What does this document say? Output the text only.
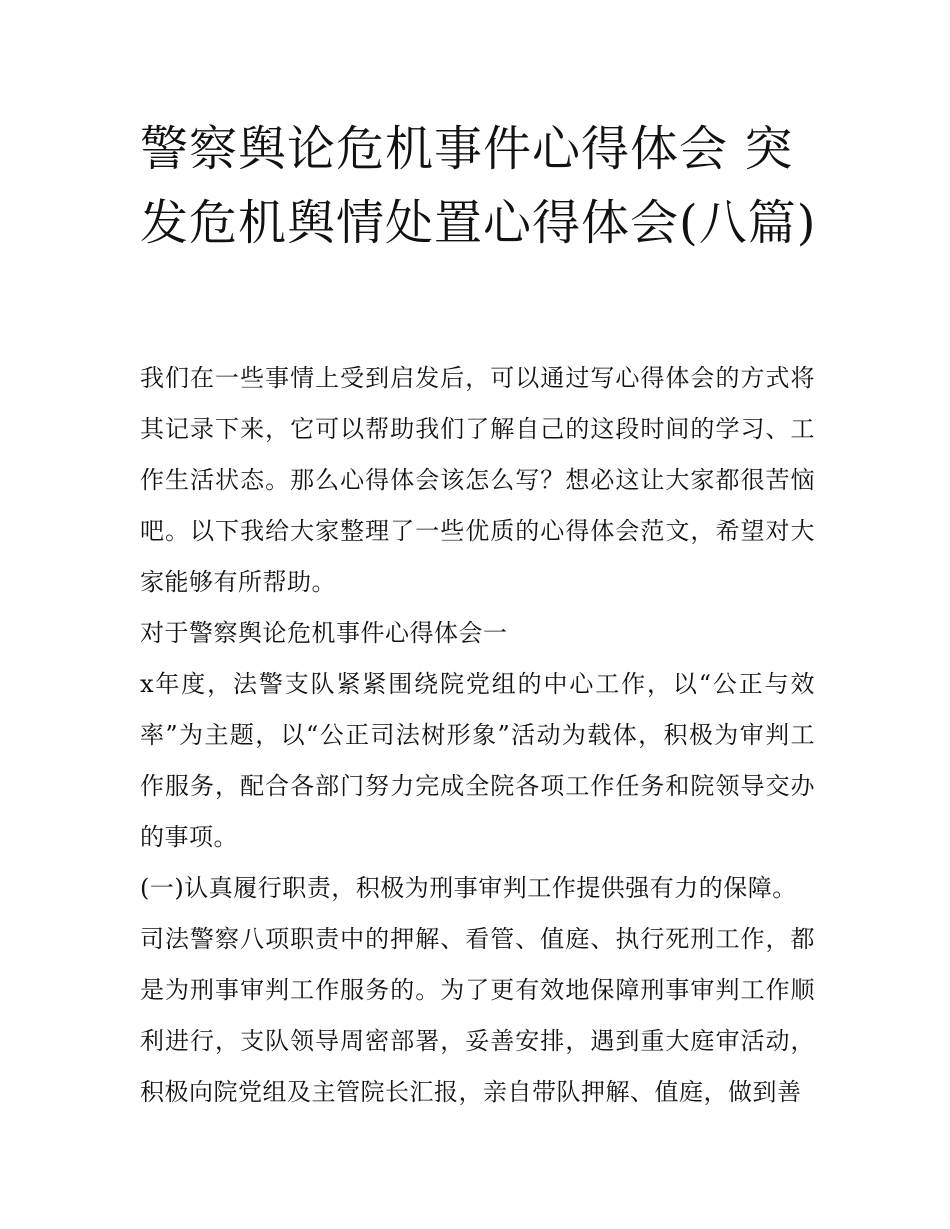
警察舆论危机事件心得体会 突发危机舆情处置心得体会(八篇)

我们在一些事情上受到启发后，可以通过写心得体会的方式将其记录下来，它可以帮助我们了解自己的这段时间的学习、工作生活状态。那么心得体会该怎么写？想必这让大家都很苦恼吧。以下我给大家整理了一些优质的心得体会范文，希望对大家能够有所帮助。

对于警察舆论危机事件心得体会一

x年度，法警支队紧紧围绕院党组的中心工作，以“公正与效率”为主题，以“公正司法树形象”活动为载体，积极为审判工作服务，配合各部门努力完成全院各项工作任务和院领导交办的事项。

(一)认真履行职责，积极为刑事审判工作提供强有力的保障。

司法警察八项职责中的押解、看管、值庭、执行死刑工作，都是为刑事审判工作服务的。为了更有效地保障刑事审判工作顺利进行，支队领导周密部署，妥善安排，遇到重大庭审活动，积极向院党组及主管院长汇报，亲自带队押解、值庭，做到善
